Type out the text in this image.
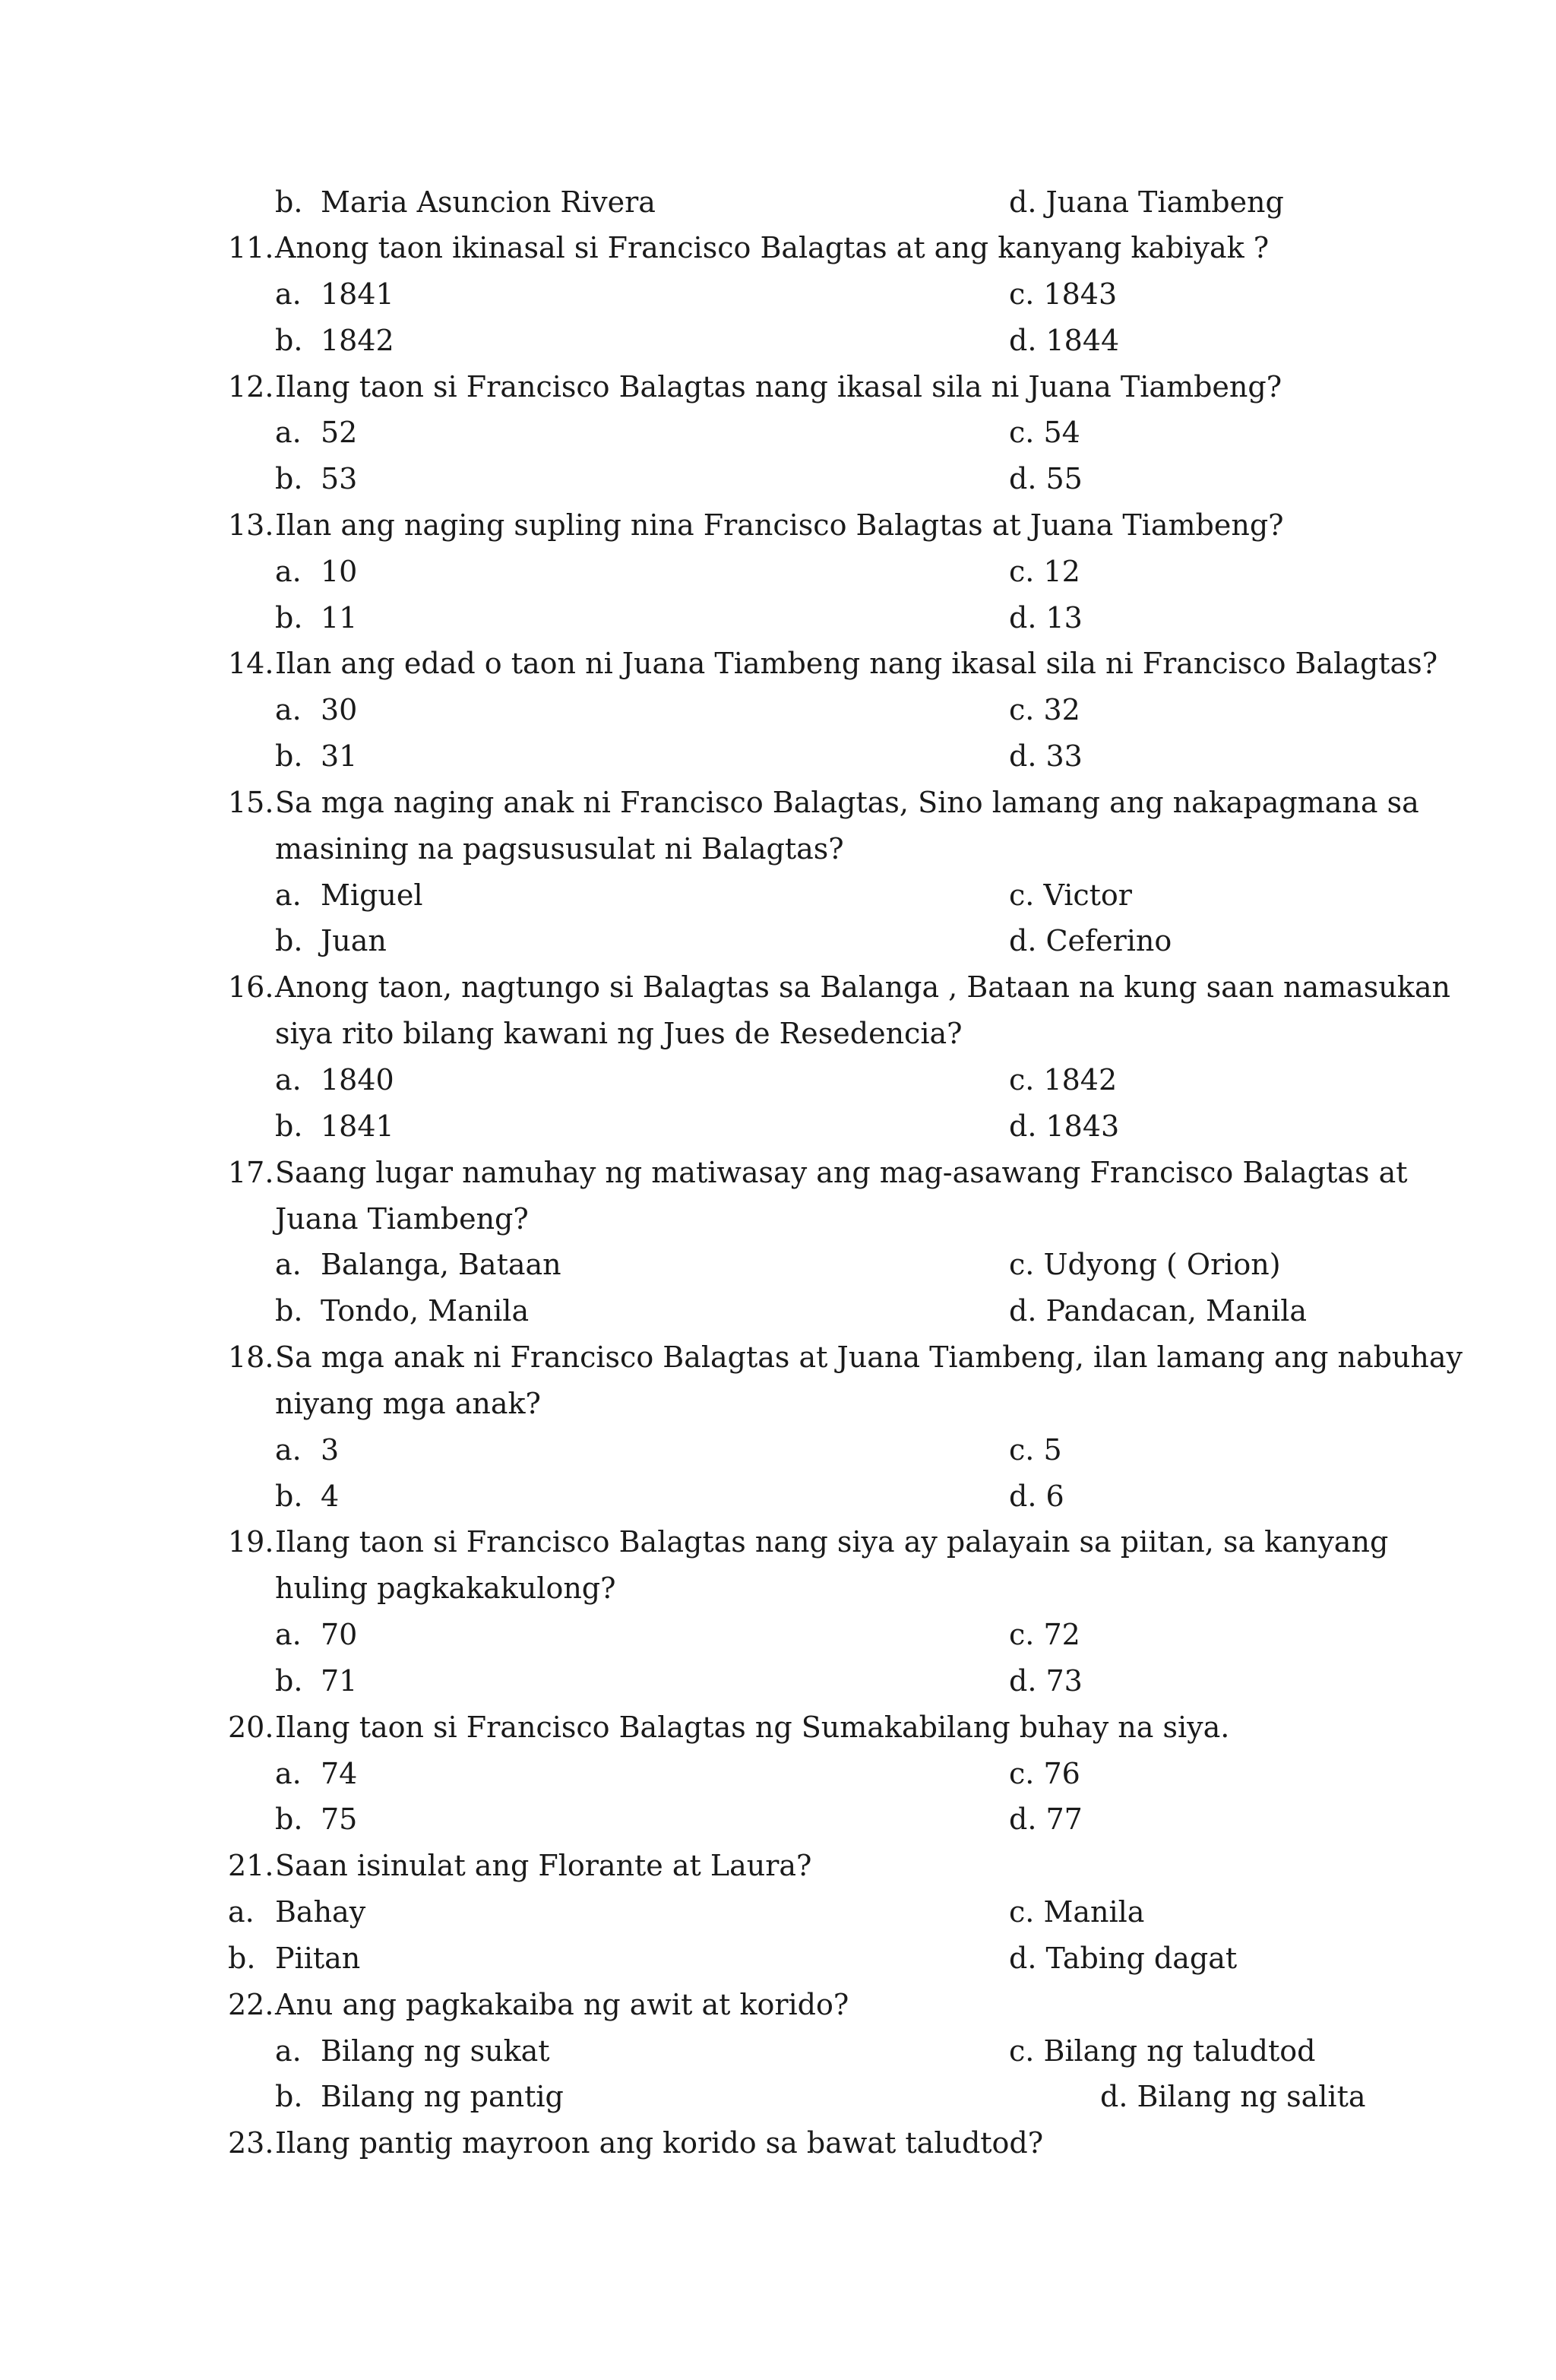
b. Maria Asuncion Rivera	d. Juana Tiambeng
11. Anong taon ikinasal si Francisco Balagtas at ang kanyang kabiyak ?
a. 1841	c. 1843
b. 1842	d. 1844
12. Ilang taon si Francisco Balagtas nang ikasal sila ni Juana Tiambeng?
a. 52	c. 54
b. 53	d. 55
13. Ilan ang naging supling nina Francisco Balagtas at Juana Tiambeng?
a. 10	c. 12
b. 11	d. 13
14. Ilan ang edad o taon ni Juana Tiambeng nang ikasal sila ni Francisco Balagtas?
a. 30	c. 32
b. 31	d. 33
15. Sa mga naging anak ni Francisco Balagtas, Sino lamang ang nakapagmana sa
masining na pagsususulat ni Balagtas?
a. Miguel	c. Victor
b. Juan	d. Ceferino
16. Anong taon, nagtungo si Balagtas sa Balanga , Bataan na kung saan namasukan
siya rito bilang kawani ng Jues de Resedencia?
a. 1840	c. 1842
b. 1841	d. 1843
17. Saang lugar namuhay ng matiwasay ang mag-asawang Francisco Balagtas at
Juana Tiambeng?
a. Balanga, Bataan	c. Udyong ( Orion)
b. Tondo, Manila	d. Pandacan, Manila
18. Sa mga anak ni Francisco Balagtas at Juana Tiambeng, ilan lamang ang nabuhay
niyang mga anak?
a. 3	c. 5
b. 4	d. 6
19. Ilang taon si Francisco Balagtas nang siya ay palayain sa piitan, sa kanyang
huling pagkakakulong?
a. 70	c. 72
b. 71	d. 73
20. Ilang taon si Francisco Balagtas ng Sumakabilang buhay na siya.
a. 74	c. 76
b. 75	d. 77
21. Saan isinulat ang Florante at Laura?
a. Bahay	c. Manila
b. Piitan	d. Tabing dagat
22. Anu ang pagkakaiba ng awit at korido?
a. Bilang ng sukat	c. Bilang ng taludtod
b. Bilang ng pantig	d. Bilang ng salita
23. Ilang pantig mayroon ang korido sa bawat taludtod?
